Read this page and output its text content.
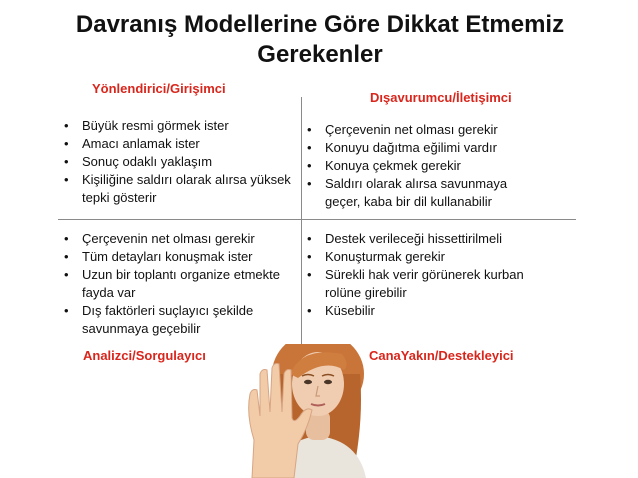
Davranış Modellerine Göre Dikkat Etmemiz Gerekenler
Yönlendirici/Girişimci
Dışavurumcu/İletişimci
• Büyük resmi görmek ister
• Amacı anlamak ister
• Sonuç odaklı yaklaşım
• Kişiliğine saldırı olarak alırsa yüksek tepki gösterir
• Çerçevenin net olması gerekir
• Konuyu dağıtma eğilimi vardır
• Konuya çekmek gerekir
• Saldırı olarak alırsa savunmaya geçer, kaba bir dil kullanabilir
• Çerçevenin net olması gerekir
• Tüm detayları konuşmak ister
• Uzun bir toplantı organize etmekte fayda var
• Dış faktörleri suçlayıcı şekilde savunmaya geçebilir
• Destek verileceği hissettirilmeli
• Konuşturmak gerekir
• Sürekli hak verir görünerek kurban rolüne girebilir
• Küsebilir
Analizci/Sorgulayıcı	CanaYakın/Destekleyici
